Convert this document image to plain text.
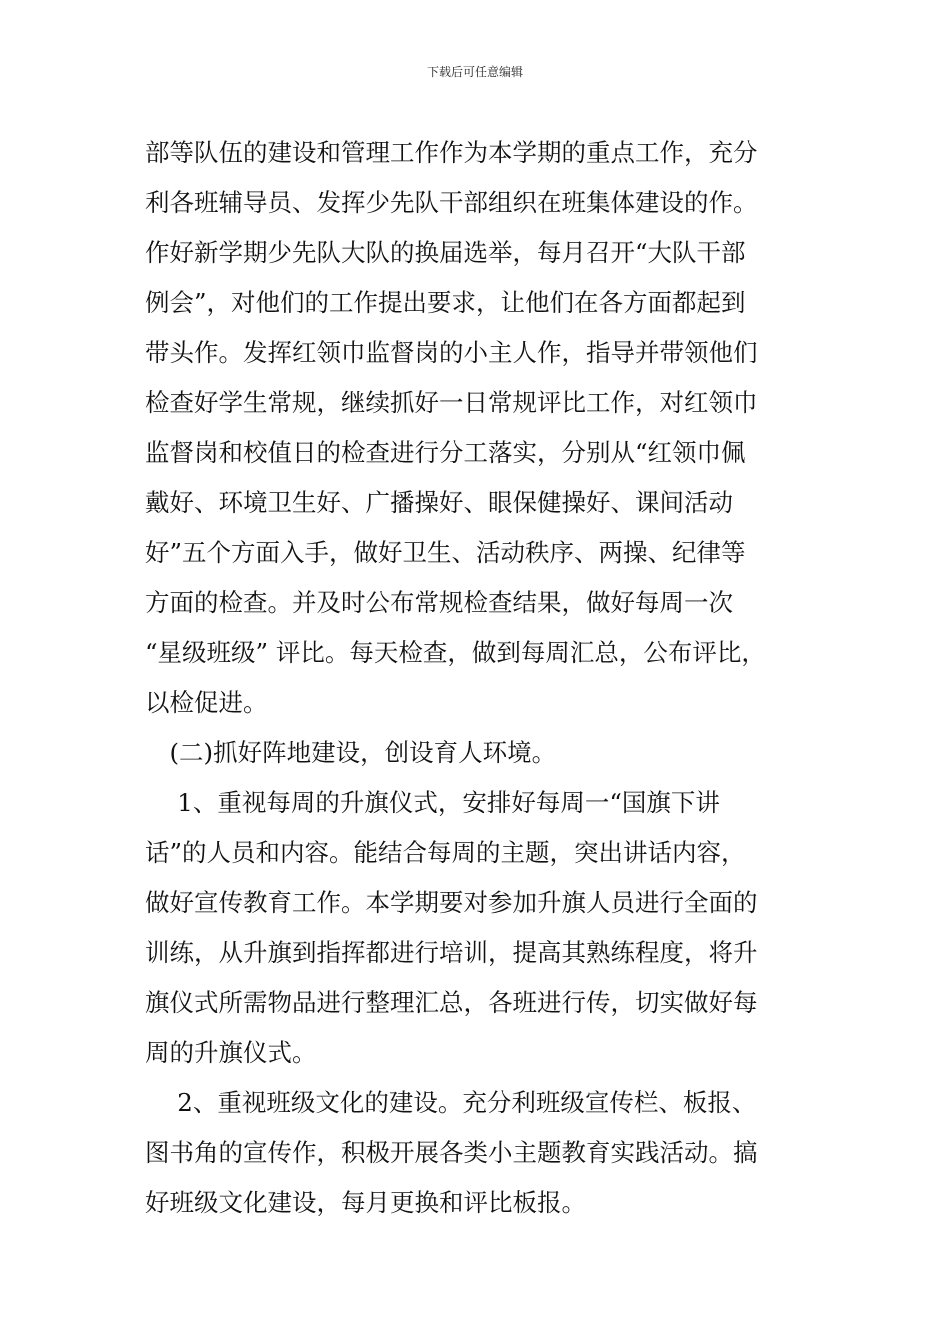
下载后可任意编辑
部等队伍的建设和管理工作作为本学期的重点工作，充分
利各班辅导员、发挥少先队干部组织在班集体建设的作。
作好新学期少先队大队的换届选举，每月召开“大队干部
例会”，对他们的工作提出要求，让他们在各方面都起到
带头作。发挥红领巾监督岗的小主人作，指导并带领他们
检查好学生常规，继续抓好一日常规评比工作，对红领巾
监督岗和校值日的检查进行分工落实，分别从“红领巾佩
戴好、环境卫生好、广播操好、眼保健操好、课间活动
好”五个方面入手，做好卫生、活动秩序、两操、纪律等
方面的检查。并及时公布常规检查结果，做好每周一次
“星级班级” 评比。每天检查，做到每周汇总，公布评比，
以检促进。
　(二)抓好阵地建设，创设育人环境。
　 1、重视每周的升旗仪式，安排好每周一“国旗下讲
话”的人员和内容。能结合每周的主题，突出讲话内容，
做好宣传教育工作。本学期要对参加升旗人员进行全面的
训练，从升旗到指挥都进行培训，提高其熟练程度，将升
旗仪式所需物品进行整理汇总，各班进行传，切实做好每
周的升旗仪式。
　 2、重视班级文化的建设。充分利班级宣传栏、板报、
图书角的宣传作，积极开展各类小主题教育实践活动。搞
好班级文化建设，每月更换和评比板报。
